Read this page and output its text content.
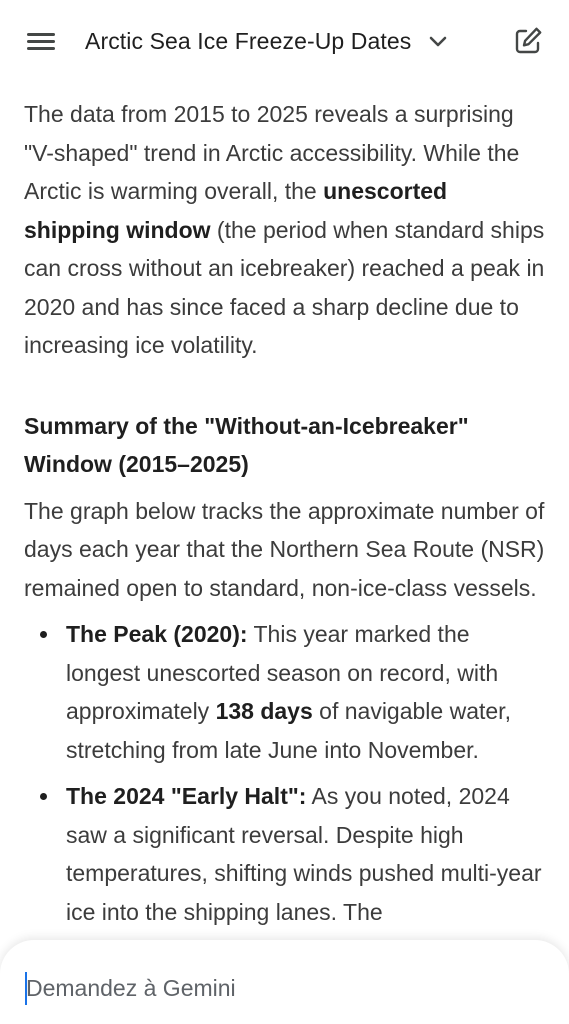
Arctic Sea Ice Freeze-Up Dates

The data from 2015 to 2025 reveals a surprising "V-shaped" trend in Arctic accessibility. While the Arctic is warming overall, the unescorted shipping window (the period when standard ships can cross without an icebreaker) reached a peak in 2020 and has since faced a sharp decline due to increasing ice volatility.

Summary of the "Without-an-Icebreaker" Window (2015–2025)

The graph below tracks the approximate number of days each year that the Northern Sea Route (NSR) remained open to standard, non-ice-class vessels.

The Peak (2020): This year marked the longest unescorted season on record, with approximately 138 days of navigable water, stretching from late June into November.
The 2024 "Early Halt": As you noted, 2024 saw a significant reversal. Despite high temperatures, shifting winds pushed multi-year ice into the shipping lanes. The
Demandez à Gemini
